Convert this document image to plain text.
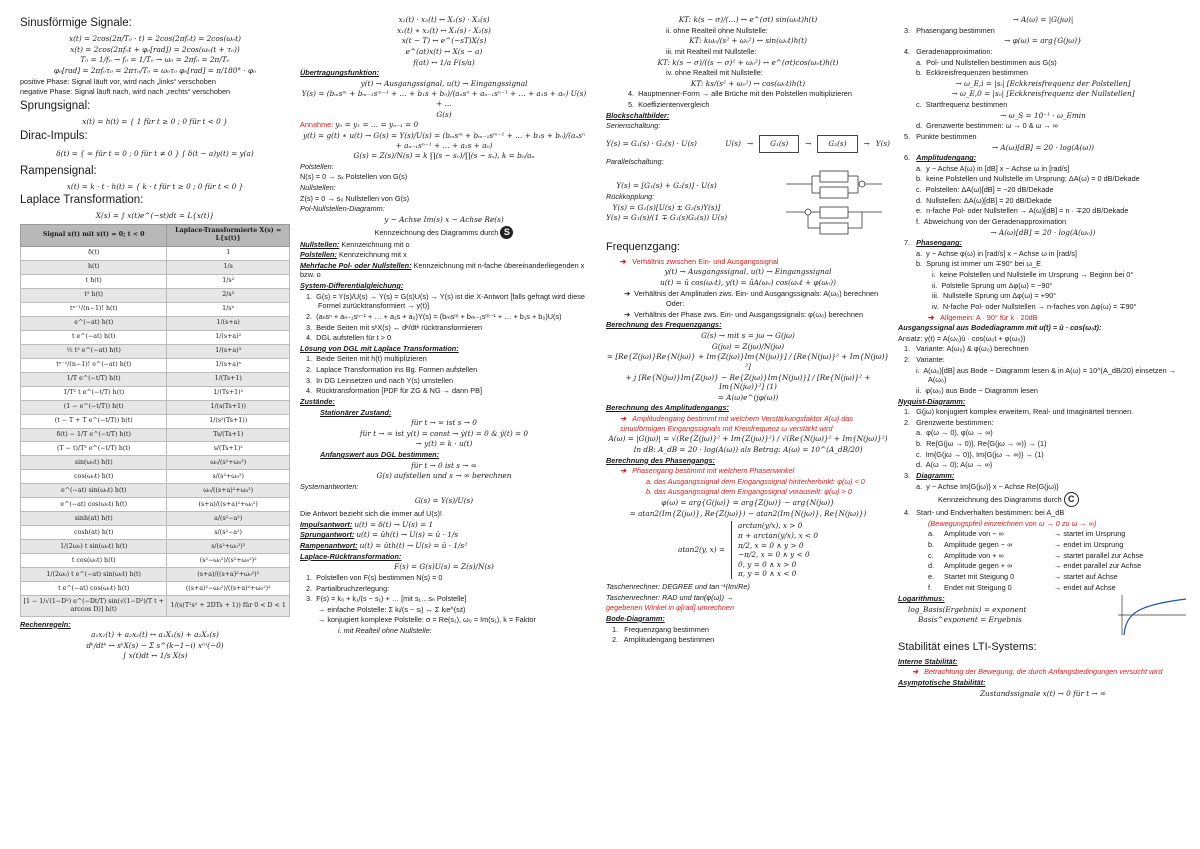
Sinusförmige Signale:
x(t) = 2cos(2π/T₀ · t) = 2cos(2πf₀t) = 2cos(ω₀t)
x(t) = 2cos(2πf₀t + φ₀[rad]) = 2cos(ω₀(t + τ₀))
T₀ = 1/f₀ → f₀ = 1/T₀ → ω₀ = 2πf₀ = 2π/T₀
φ₀[rad] = 2πf₀τ₀ = 2πτ₀/T₀ = ω₀τ₀ φ₀[rad] = π/180° · φ₀

positive Phase: Signal läuft vor, wird nach „links“ verschoben

negative Phase: Signal läuft nach, wird nach „rechts“ verschoben

Sprungsignal:
x(t) = h(t) = { 1 für t ≥ 0 ; 0 für t < 0 }
Dirac-Impuls:
δ(t) = { ∞ für t = 0 ; 0 für t ≠ 0 } ∫ δ(t − a)y(t) = y(a)
Rampensignal:
x(t) = k · t · h(t) = { k · t für t ≥ 0 ; 0 für t < 0 }
Laplace Transformation:
X(s) = ∫ x(t)e^(−st)dt = L{x(t)}
Signal x(t) mit x(t) = 0; t < 0	Laplace-Transformierte X(s) = L{x(t)}
δ(t)	1
h(t)	1/s
t h(t)	1/s²
t² h(t)	2/s³
tⁿ⁻¹/(n−1)! h(t)	1/sⁿ
e^(−at) h(t)	1/(s+a)
t e^(−at) h(t)	1/(s+a)²
½ t² e^(−at) h(t)	1/(s+a)³
tⁿ⁻¹/(n−1)! e^(−at) h(t)	1/(s+a)ⁿ
1/T e^(−t/T) h(t)	1/(Ts+1)
1/T² t e^(−t/T) h(t)	1/(Ts+1)²
(1 − e^(−t/T)) h(t)	1/(s(Ts+1))
(t − T + T e^(−t/T)) h(t)	1/(s²(Ts+1))
δ(t) − 1/T e^(−t/T) h(t)	Ts/(Ts+1)
(T − t)/T³ e^(−t/T) h(t)	s/(Ts+1)²
sin(ω₀t) h(t)	ω₀/(s²+ω₀²)
cos(ω₀t) h(t)	s/(s²+ω₀²)
e^(−at) sin(ω₀t) h(t)	ω₀/((s+a)²+ω₀²)
e^(−at) cos(ω₀t) h(t)	(s+a)/((s+a)²+ω₀²)
sinh(at) h(t)	a/(s²−a²)
cosh(at) h(t)	s/(s²−a²)
1/(2ω₀) t sin(ω₀t) h(t)	s/(s²+ω₀²)²
t cos(ω₀t) h(t)	(s²−ω₀²)/(s²+ω₀²)²
1/(2ω₀) t e^(−at) sin(ω₀t) h(t)	(s+a)/((s+a)²+ω₀²)²
t e^(−at) cos(ω₀t) h(t)	((s+a)²−ω₀²)/((s+a)²+ω₀²)²
[1 − 1/√(1−D²) e^(−Dt/T) sin(√(1−D²)/T t + arccos D)] h(t)	1/(s(T²s² + 2DTs + 1)) für 0 < D < 1

Rechenregeln:

a₁x₁(t) + a₂x₂(t) ↔ a₁X₁(s) + a₂X₂(s)
dᵏ/dtᵏ ↔ sᵏX(s) − Σ s^(k−1−i) x⁽ⁱ⁾(−0)
∫ x(t)dt ↔ 1/s X(s)
x₁(t) · x₂(t) ↔ X₁(s) · X₂(s)
x₁(t) ∗ x₂(t) ↔ X₁(s) · X₂(s)
x(t − T) ↔ e^(−sT)X(s)
e^(at)x(t) ↔ X(s − a)
f(at) ↔ 1/a F(s/a)

Übertragungsfunktion:

y(t) → Ausgangssignal, u(t) → Eingangssignal
Y(s) = (bₘsᵐ + bₘ₋₁sᵐ⁻¹ + … + b₁s + b₀)/(aₙsⁿ + aₙ₋₁sⁿ⁻¹ + … + a₁s + a₀) U(s) + …
G(s)

Annahme: y₀ = y₁ = … = yₙ₋₁ = 0

y(t) = g(t) ∗ u(t) → G(s) = Y(s)/U(s) = (bₘsᵐ + bₘ₋₁sᵐ⁻¹ + … + b₁s + b₀)/(aₙsⁿ + aₙ₋₁sⁿ⁻¹ + … + a₁s + a₀)
G(s) = Z(s)/N(s) = k ∏(s − s₀)/∏(s − sₓ), k = b₀/aₙ

Polstellen:

N(s) = 0 → sₓ Polstellen von G(s)

Nullstellen:

Z(s) = 0 → s₀ Nullstellen von G(s)

Pol-Nullstellen-Diagramm:

y − Achse Im(s) x − Achse Re(s)

Kennzeichnung des Diagramms durch S

Nullstellen: Kennzeichnung mit o

Polstellen: Kennzeichnung mit x

Mehrfache Pol- oder Nullstellen: Kennzeichnung mit n-fache übereinanderliegenden x bzw. o

System-Differentialgleichung:

1.  G(s) = Y(s)/U(s) → Y(s) = G(s)U(s) → Y(s) ist die X-Antwort [falls gefragt wird diese Formel zurücktransformiert → y(t)]
2.  (aₙsⁿ + aₙ₋₁sⁿ⁻¹ + … + a₁s + a₀)Y(s) = (bₘsᵐ + bₘ₋₁sᵐ⁻¹ + … + b₁s + b₀)U(s)
3.  Beide Seiten mit sᵏX(s) ↔ dᵏ/dtᵏ rücktransformieren
4.  DGL aufstellen für t > 0

Lösung von DGL mit Laplace Transformation:

1.  Beide Seiten mit h(t) multiplizieren
2.  Laplace Transformation ins Bg. Formen aufstellen
3.  In DG Leinsetzen und nach Y(s) umstellen
4.  Rücktransformation [PDF für ZG & NG → dann PB]

Zustände:

Stationärer Zustand:

für t → ∞ ist s → 0
für t → ∞ ist y(t) = const → ẏ(t) = 0 & ÿ(t) = 0
→ y(t) = k · u(t)

Anfangswert aus DGL bestimmen:

für t → 0 ist s → ∞
G(s) aufstellen und s → ∞ berechnen

Systemantworten:

G(s) = Y(s)/U(s)

Die Antwort bezieht sich die immer auf U(s)!

Impulsantwort: u(t) = δ(t) → U(s) = 1

Sprungantwort: u(t) = ûh(t) → U(s) = û · 1/s

Rampenantwort: u(t) = ûth(t) → U(s) = û · 1/s²

Laplace-Rücktransformation:

F(s) = G(s)U(s) = Z(s)/N(s)
1.  Polstellen von F(s) bestimmen N(s) = 0
2.  Partialbruchzerlegung:
3.  F(s) = k₀ + k₁/(s − s₁) + … [mit s₁…sₙ Polstelle]
→ einfache Polstelle: Σ kᵢ/(s − sᵢ) ↔ Σ kᵢe^(sᵢt)
→ konjugiert komplexe Polstelle: σ = Re(s₁), ω₀ = Im(s₁), k = Faktor
i. mit Realteil ohne Nullstelle:
KT: k(s − σ)/(…) ↔ e^(σt) sin(ω₀t)h(t)

ii. ohne Realteil ohne Nullstelle:

KT: kω₀/(s² + ω₀²) ↔ sin(ω₀t)h(t)

iii. mit Realteil mit Nullstelle:

KT: k(s − σ)/((s − σ)² + ω₀²) ↔ e^(σt)cos(ω₀t)h(t)

iv. ohne Realteil mit Nullstelle:

KT: ks/(s² + ω₀²) ↔ cos(ω₀t)h(t)
4.  Hauptnenner-Form → alle Brüche mit den Polstellen multiplizieren
5.  Koeffizientenvergleich

Blockschaltbilder:

Serienschaltung:

Y(s) = G₁(s) · G₂(s) · U(s)	U(s) →	G₁(s)	→	G₂(s)	→ Y(s)

Parallelschaltung:

Y(s) = [G₁(s) + G₂(s)] · U(s)

Rückkopplung:

Y(s) = G₁(s)[U(s) ± G₂(s)Y(s)]
Y(s) = G₁(s)/(1 ∓ G₁(s)G₂(s)) U(s)
Frequenzgang:

➔ Verhältnis zwischen Ein- und Ausgangssignal

y(t) → Ausgangssignal, u(t) → Eingangssignal
u(t) = û cos(ω₀t), y(t) = ûA(ω₀) cos(ω₀t + φ(ω₀))
➔  Verhältnis der Amplituden zws. Ein- und Ausgangssignals: A(ω₀) berechnen

Oder:

➔  Verhältnis der Phase zws. Ein- und Ausgangssignals: φ(ω₀) berechnen

Berechnung des Frequenzgangs:

G(s) → mit s = jω → G(jω)
G(jω) = Z(jω)/N(jω)
= [Re{Z(jω)}Re{N(jω)} + Im{Z(jω)}Im{N(jω)}] / [Re{N(jω)}² + Im{N(jω)}²]
+ j [Re{N(jω)}Im{Z(jω)} − Re{Z(jω)}Im{N(jω)}] / [Re{N(jω)}² + Im{N(jω)}²] (1)
= A(ω)e^(jφ(ω))

Berechnung des Amplitudengangs:

➔ Amplitudengang bestimmt mit welchem Verstärkungsfaktor A(ω) das sinusförmigen Eingangssignals mit Kreisfrequenz ω verstärkt wird

A(ω) = |G(jω)| = √(Re{Z(jω)}² + Im{Z(jω)}²) / √(Re{N(jω)}² + Im{N(jω)}²)
In dB: A_dB = 20 · log(A(ω)) als Betrag: A(ω) = 10^(A_dB/20)

Berechnung des Phasengangs:

➔ Phasengang bestimmt mit welchem Phasenwinkel

a. das Ausgangssignal dem Eingangssignal hinterherhinkt: φ(ω) < 0

b. das Ausgangssignal dem Eingangssignal vorauseilt: φ(ω) > 0

φ(ω) = arg{G(jω)} = arg{Z(jω)} − arg{N(jω)}
= atan2(Im{Z(jω)}, Re{Z(jω)}) − atan2(Im{N(jω)}, Re{N(jω)})
atan2(y, x) =
arctan(y/x), x > 0
π + arctan(y/x), x < 0
π/2, x = 0 ∧ y > 0
−π/2, x = 0 ∧ y < 0
0, y = 0 ∧ x > 0
π, y = 0 ∧ x < 0

Taschenrechner: DEGREE und tan⁻¹(Im/Re)

Taschenrechner: RAD und tan(φ(ω)) →

gegebenen Winkel in φ[rad] umrechnen

Bode-Diagramm:

1.   Frequenzgang bestimmen
2.   Amplitudengang bestimmen
→ A(ω) = |G(jω)|
3.   Phasengang bestimmen
→ φ(ω) = arg{G(jω)}
4.   Geradenapproximation:
a.  Pol- und Nullstellen bestimmen aus G(s)
b.  Eckkreisfrequenzen bestimmen
→ ω_E,i = |sᵢ| [Eckkreisfrequenz der Polstellen]
→ ω_E,0 = |s₀| [Eckkreisfrequenz der Nullstellen]
c.  Startfrequenz bestimmen
→ ω_S = 10⁻¹ · ω_Emin
d.  Grenzwerte bestimmen: ω → 0 & ω → ∞
5.   Punkte bestimmen
→ A(ω)[dB] = 20 · log(A(ω))
6.   Amplitudengang:
a.  y − Achse A(ω) in [dB] x − Achse ω in [rad/s]
b.  keine Polstellen und Nullstelle im Ursprung: ΔA(ω) = 0 dB/Dekade
c.  Polstellen: ΔA(ω)[dB] = −20 dB/Dekade
d.  Nullstellen: ΔA(ω)[dB] = 20 dB/Dekade
e.  n-fache Pol- oder Nullstellen → A(ω)[dB] = n · ∓20 dB/Dekade
f.  Abweichung von der Geradenapproximation
→ A(ω)[dB] = 20 · log(A(ω₀))
7.   Phasengang:
a.  y − Achse φ(ω) in [rad/s] x − Achse ω in [rad/s]
b.  Sprung ist immer um ∓90° bei ω_E
i.  keine Polstellen und Nullstelle im Ursprung → Beginn bei 0°
ii.  Polstelle Sprung um Δφ(ω) = −90°
iii.  Nullstelle Sprung um Δφ(ω) = +90°
iv.  N-fache Pol- oder Nullstellen → n-faches von Δφ(ω) = ∓90°

➔ Allgemein: A · 90° für k · 20dB

Ausgangssignal aus Bodediagramm mit u(t) = û · cos(ω₀t):

Ansatz: y(t) = A(ω₀)û · cos(ω₀t + φ(ω₀))

1.   Variante: A(ω₀) & φ(ω₀) berechnen
2.   Variante:
i.  A(ω₀)[dB] aus Bode − Diagramm lesen & in A(ω) = 10^(A_dB/20) einsetzen → A(ω₀)
ii.  φ(ω₀) aus Bode − Diagramm lesen

Nyquist-Diagramm:

1.   G(jω) konjugiert komplex erweitern, Real- und Imaginärteil trennen.
2.   Grenzwerte bestimmen:
a.  φ(ω → 0), φ(ω → ∞)
b.  Re{G(jω → 0)}, Re{G(jω → ∞)} → (1)
c.  Im{G(jω → 0)}, Im{G(jω → ∞)} → (1)
d.  A(ω → 0); A(ω → ∞)
3.   Diagramm:
a.  y − Achse Im{G(jω)} x − Achse Re{G(jω)}

Kennzeichnung des Diagramms durch C

4.   Start- und Endverhalten bestimmen: bei A_dB

(Bewegungspfeil einzeichnen von ω → 0 zu ω → ∞)

a.	Amplitude von − ∞	→ startet im Ursprung
b.	Amplitude gegen − ∞	→ endet im Ursprung
c.	Amplitude von + ∞	→ startet parallel zur Achse
d.	Amplitude gegen + ∞	→ endet parallel zur Achse
e.	Startet mit Steigung 0	→ startet auf Achse
f.	Endet mit Steigung 0	→ endet auf Achse

Logarithmus:

log_Basis(Ergebnis) = exponent
Basis^exponent = Ergebnis
Stabilität eines LTI-Systems:

Interne Stabilität:

➔ Betrachtung der Bewegung, die durch Anfangsbedingungen versucht wird

Asymptotische Stabilität:

Zustandssignale x(t) → 0 für t → ∞
